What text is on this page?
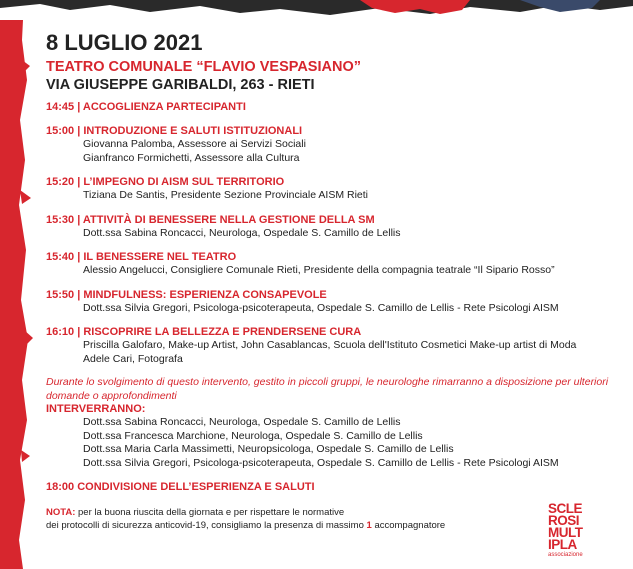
8 LUGLIO 2021
TEATRO COMUNALE “FLAVIO VESPASIANO”
VIA GIUSEPPE GARIBALDI, 263 - RIETI
14:45 | ACCOGLIENZA PARTECIPANTI
15:00 | INTRODUZIONE E SALUTI ISTITUZIONALI
Giovanna Palomba, Assessore ai Servizi Sociali
Gianfranco Formichetti, Assessore alla Cultura
15:20 | L’IMPEGNO DI AISM SUL TERRITORIO
Tiziana De Santis, Presidente Sezione Provinciale AISM Rieti
15:30 | ATTIVITÀ DI BENESSERE NELLA GESTIONE DELLA SM
Dott.ssa Sabina Roncacci, Neurologa, Ospedale S. Camillo de Lellis
15:40 | IL BENESSERE NEL TEATRO
Alessio Angelucci, Consigliere Comunale Rieti, Presidente della compagnia teatrale “Il Sipario Rosso”
15:50 | MINDFULNESS: ESPERIENZA CONSAPEVOLE
Dott.ssa Silvia Gregori, Psicologa-psicoterapeuta, Ospedale S. Camillo de Lellis - Rete Psicologi AISM
16:10 | RISCOPRIRE LA BELLEZZA E PRENDERSENE CURA
Priscilla Galofaro, Make-up Artist, John Casablancas, Scuola dell'Istituto Cosmetici Make-up artist di Moda
Adele Cari, Fotografa
Durante lo svolgimento di questo intervento, gestito in piccoli gruppi, le neurologhe rimarranno a disposizione per ulteriori domande o approfondimenti
INTERVERRANNO:
Dott.ssa Sabina Roncacci, Neurologa, Ospedale S. Camillo de Lellis
Dott.ssa Francesca Marchione, Neurologa, Ospedale S. Camillo de Lellis
Dott.ssa Maria Carla Massimetti, Neuropsicologa, Ospedale S. Camillo de Lellis
Dott.ssa Silvia Gregori, Psicologa-psicoterapeuta, Ospedale S. Camillo de Lellis - Rete Psicologi AISM
18:00 CONDIVISIONE DELL’ESPERIENZA E SALUTI
NOTA: per la buona riuscita della giornata e per rispettare le normative
dei protocolli di sicurezza anticovid-19, consigliamo la presenza di massimo 1 accompagnatore
SCLE
ROSI
MULT
IPLA
associazione
